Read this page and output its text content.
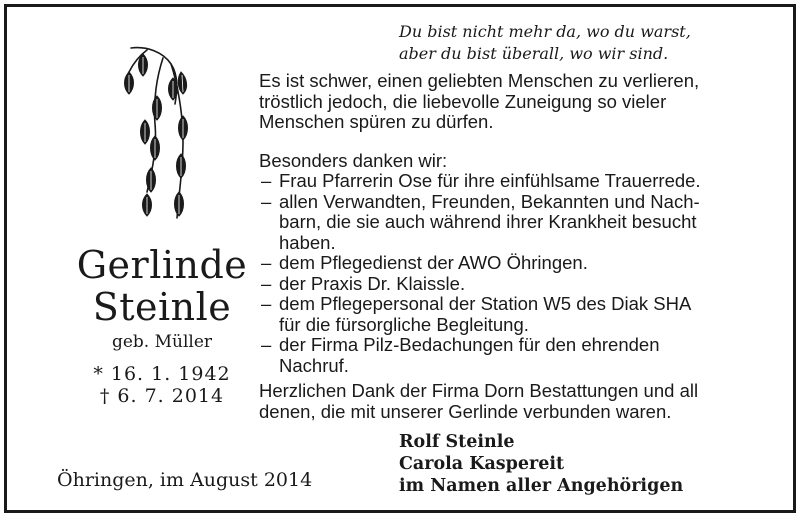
Du bist nicht mehr da, wo du warst,
aber du bist überall, wo wir sind.
Gerlinde
Steinle
geb. Müller
* 16. 1. 1942
† 6. 7. 2014
Öhringen, im August 2014
Es ist schwer, einen geliebten Menschen zu verlieren,
tröstlich jedoch, die liebevolle Zuneigung so vieler
Menschen spüren zu dürfen.
Besonders danken wir:
– Frau Pfarrerin Ose für ihre einfühlsame Trauerrede.
– allen Verwandten, Freunden, Bekannten und Nach-
barn, die sie auch während ihrer Krankheit besucht
haben.
– dem Pflegedienst der AWO Öhringen.
– der Praxis Dr. Klaissle.
– dem Pflegepersonal der Station W5 des Diak SHA
für die fürsorgliche Begleitung.
– der Firma Pilz-Bedachungen für den ehrenden
Nachruf.
Herzlichen Dank der Firma Dorn Bestattungen und all
denen, die mit unserer Gerlinde verbunden waren.
Rolf Steinle
Carola Kaspereit
im Namen aller Angehörigen
